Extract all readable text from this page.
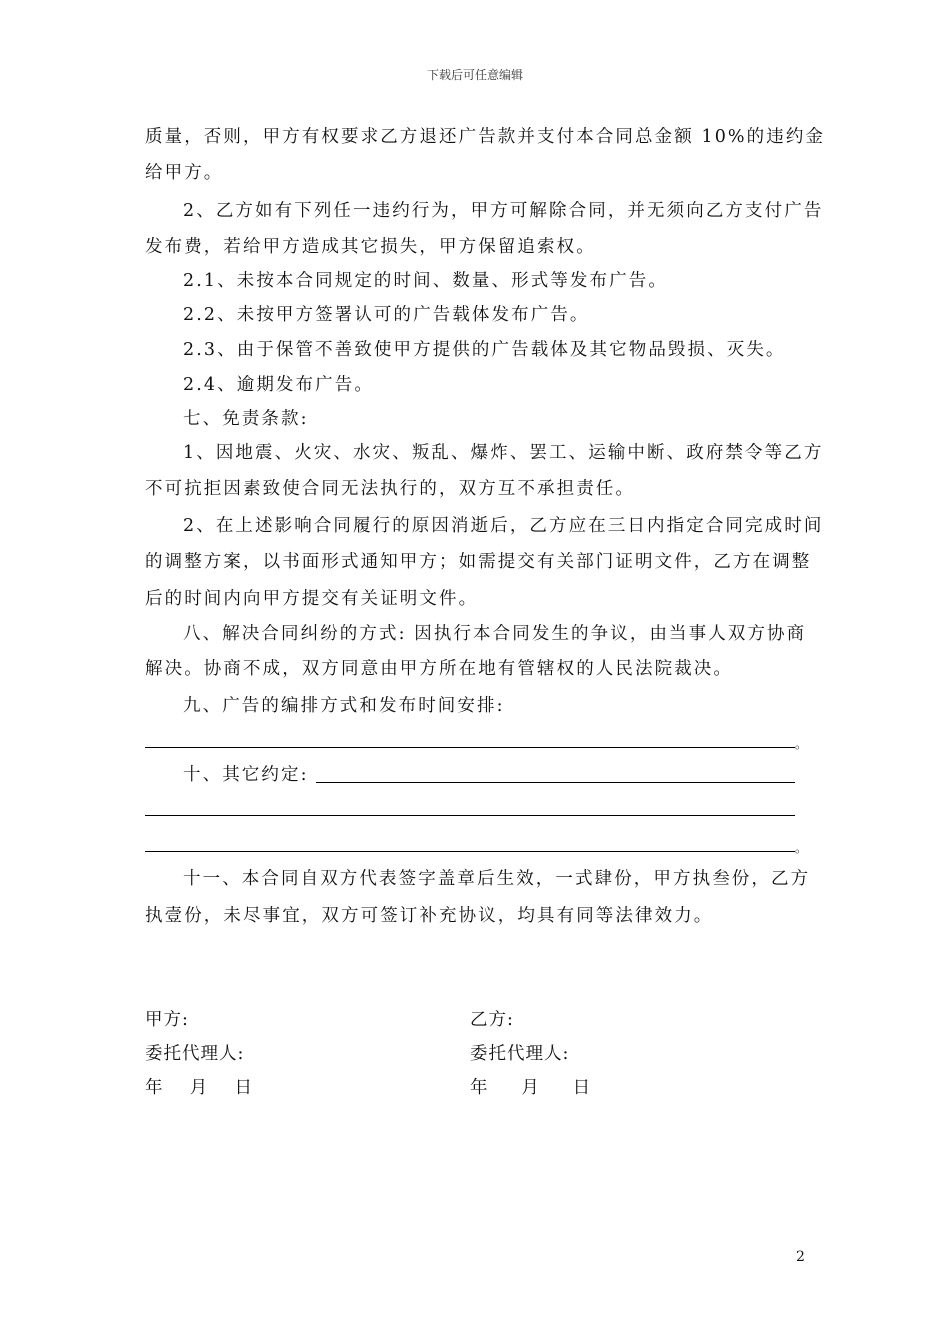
下载后可任意编辑
质量，否则，甲方有权要求乙方退还广告款并支付本合同总金额 10%的违约金
给甲方。
2、乙方如有下列任一违约行为，甲方可解除合同，并无须向乙方支付广告
发布费，若给甲方造成其它损失，甲方保留追索权。
2.1、未按本合同规定的时间、数量、形式等发布广告。
2.2、未按甲方签署认可的广告载体发布广告。
2.3、由于保管不善致使甲方提供的广告载体及其它物品毁损、灭失。
2.4、逾期发布广告。
七、免责条款:
1、因地震、火灾、水灾、叛乱、爆炸、罢工、运输中断、政府禁令等乙方
不可抗拒因素致使合同无法执行的，双方互不承担责任。
2、在上述影响合同履行的原因消逝后，乙方应在三日内指定合同完成时间
的调整方案，以书面形式通知甲方；如需提交有关部门证明文件，乙方在调整
后的时间内向甲方提交有关证明文件。
八、解决合同纠纷的方式: 因执行本合同发生的争议，由当事人双方协商
解决。协商不成，双方同意由甲方所在地有管辖权的人民法院裁决。
九、广告的编排方式和发布时间安排:
。
十、其它约定:
。
十一、本合同自双方代表签字盖章后生效，一式肆份，甲方执叁份，乙方
执壹份，未尽事宜，双方可签订补充协议，均具有同等法律效力。
甲方:	乙方:
委托代理人:	委托代理人:
年    月    日	年     月     日
2
